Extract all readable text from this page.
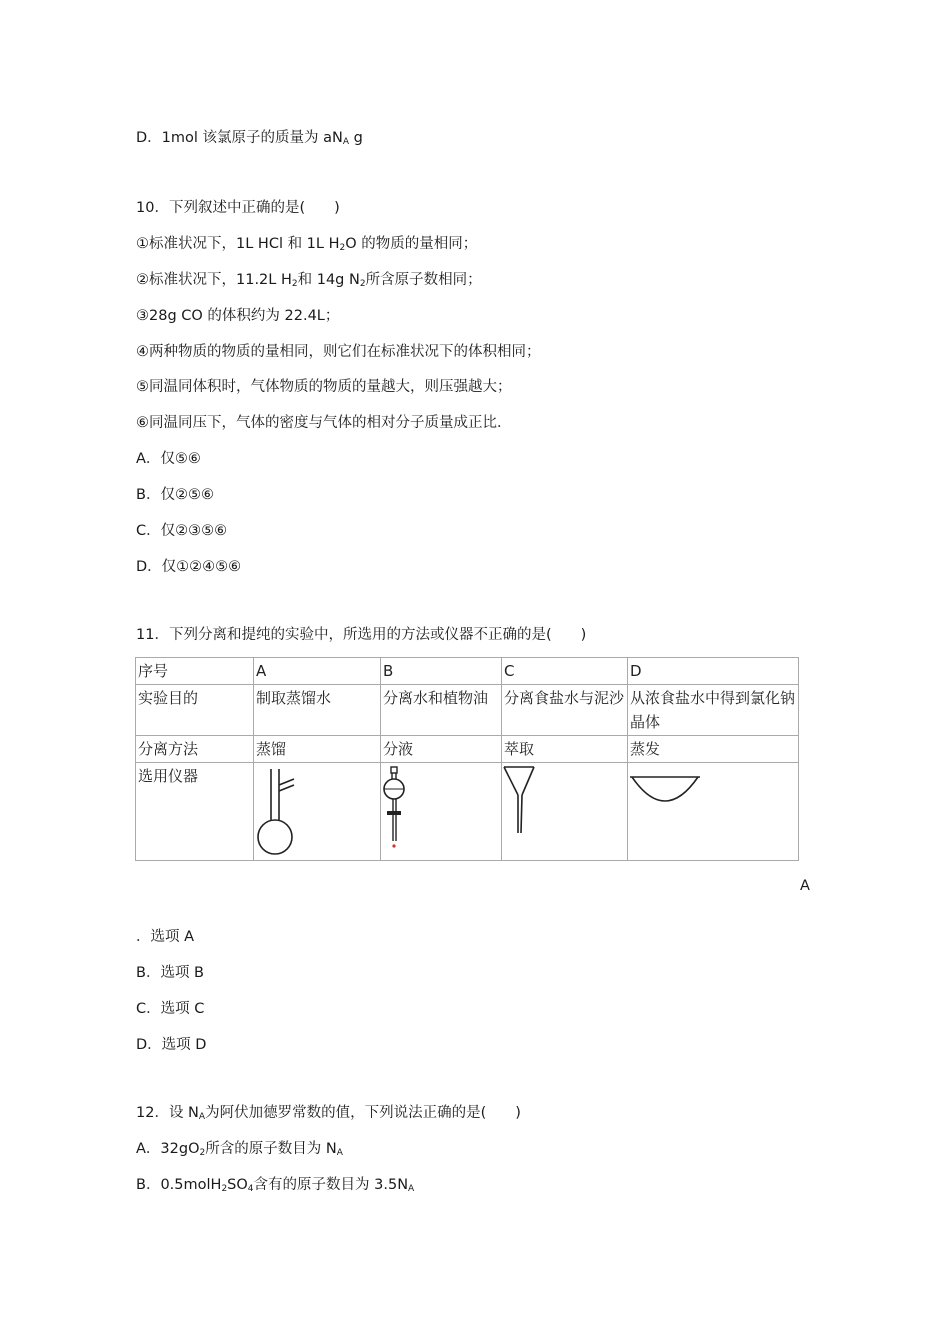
D．1mol 该氯原子的质量为 $aN_A$ g
10．下列叙述中正确的是(　　)
①标准状况下，1L HCl 和 1L $H_2O$ 的物质的量相同；
②标准状况下，11.2L $H_2$和 14g $N_2$所含原子数相同；
③28g CO 的体积约为 22.4L；
④两种物质的物质的量相同，则它们在标准状况下的体积相同；
⑤同温同体积时，气体物质的物质的量越大，则压强越大；
⑥同温同压下，气体的密度与气体的相对分子质量成正比．
A．仅⑤⑥
B．仅②⑤⑥
C．仅②③⑤⑥
D．仅①②④⑤⑥
11．下列分离和提纯的实验中，所选用的方法或仪器不正确的是(　　)
序号	A	B	C	D
实验目的	制取蒸馏水	分离水和植物油	分离食盐水与泥沙	从浓食盐水中得到氯化钠晶体
分离方法	蒸馏	分液	萃取	蒸发
选用仪器	

A
．选项 A
B．选项 B
C．选项 C
D．选项 D
12．设 $N_A$为阿伏加德罗常数的值，下列说法正确的是(　　)
A．$32gO_2$所含的原子数目为 $N_A$
B．$0.5molH_2SO_4$含有的原子数目为 $3.5N_A$
